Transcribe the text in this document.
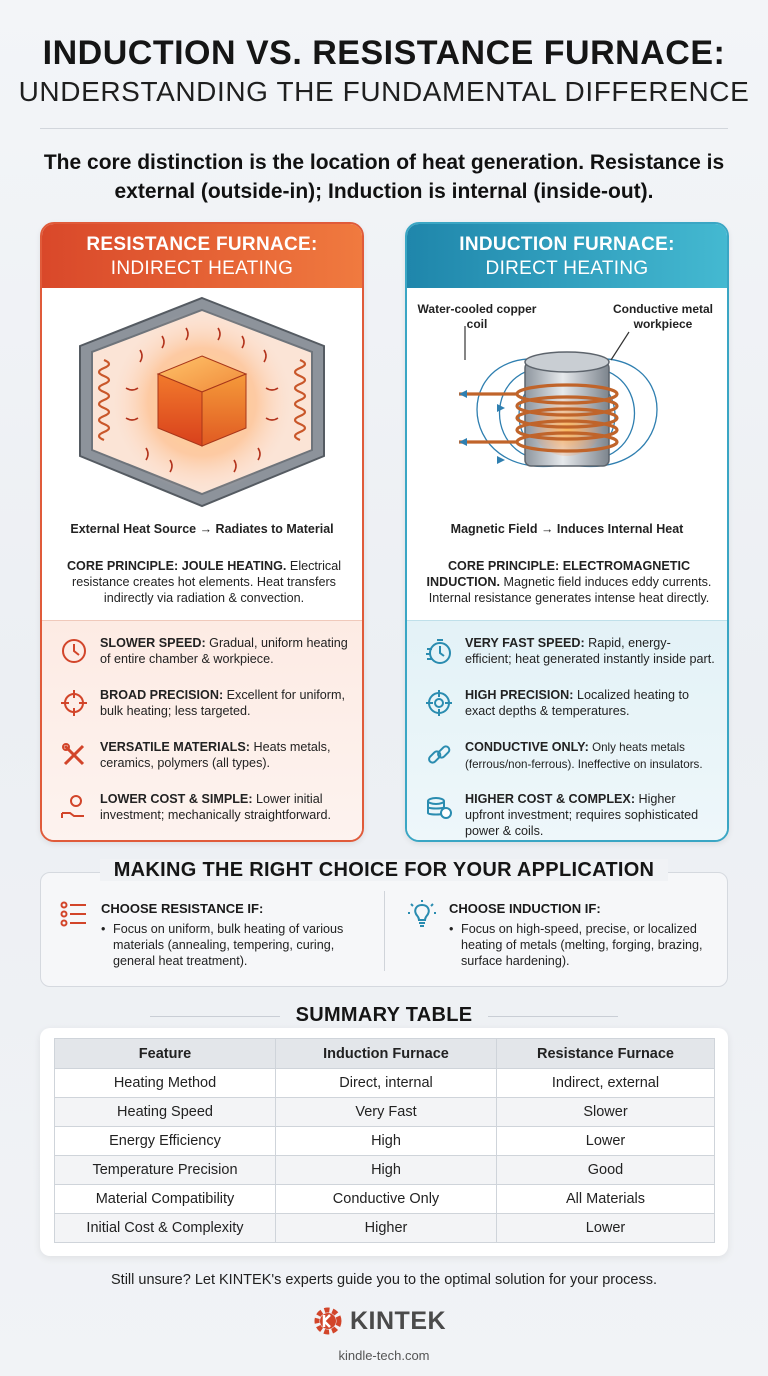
INDUCTION VS. RESISTANCE FURNACE:
UNDERSTANDING THE FUNDAMENTAL DIFFERENCE
The core distinction is the location of heat generation. Resistance is external (outside-in); Induction is internal (inside-out).
RESISTANCE FURNACE:
INDIRECT HEATING
External Heat Source → Radiates to Material
CORE PRINCIPLE: JOULE HEATING. Electrical resistance creates hot elements. Heat transfers indirectly via radiation & convection.
SLOWER SPEED: Gradual, uniform heating of entire chamber & workpiece.
BROAD PRECISION: Excellent for uniform, bulk heating; less targeted.
VERSATILE MATERIALS: Heats metals, ceramics, polymers (all types).
LOWER COST & SIMPLE: Lower initial investment; mechanically straightforward.
INDUCTION FURNACE:
DIRECT HEATING
Water-cooled copper coil
Conductive metal workpiece
Magnetic Field → Induces Internal Heat
CORE PRINCIPLE: ELECTROMAGNETIC INDUCTION. Magnetic field induces eddy currents. Internal resistance generates intense heat directly.
VERY FAST SPEED: Rapid, energy-efficient; heat generated instantly inside part.
HIGH PRECISION: Localized heating to exact depths & temperatures.
CONDUCTIVE ONLY: Only heats metals (ferrous/non-ferrous). Ineffective on insulators.
HIGHER COST & COMPLEX: Higher upfront investment; requires sophisticated power & coils.
CHOOSE RESISTANCE IF:
• Focus on uniform, bulk heating of various materials (annealing, tempering, curing, general heat treatment).
CHOOSE INDUCTION IF:
• Focus on high-speed, precise, or localized heating of metals (melting, forging, brazing, surface hardening).
MAKING THE RIGHT CHOICE FOR YOUR APPLICATION
SUMMARY TABLE
Feature	Induction Furnace	Resistance Furnace
Heating Method	Direct, internal	Indirect, external
Heating Speed	Very Fast	Slower
Energy Efficiency	High	Lower
Temperature Precision	High	Good
Material Compatibility	Conductive Only	All Materials
Initial Cost & Complexity	Higher	Lower
Still unsure? Let KINTEK's experts guide you to the optimal solution for your process.
KINTEK
kindle-tech.com
